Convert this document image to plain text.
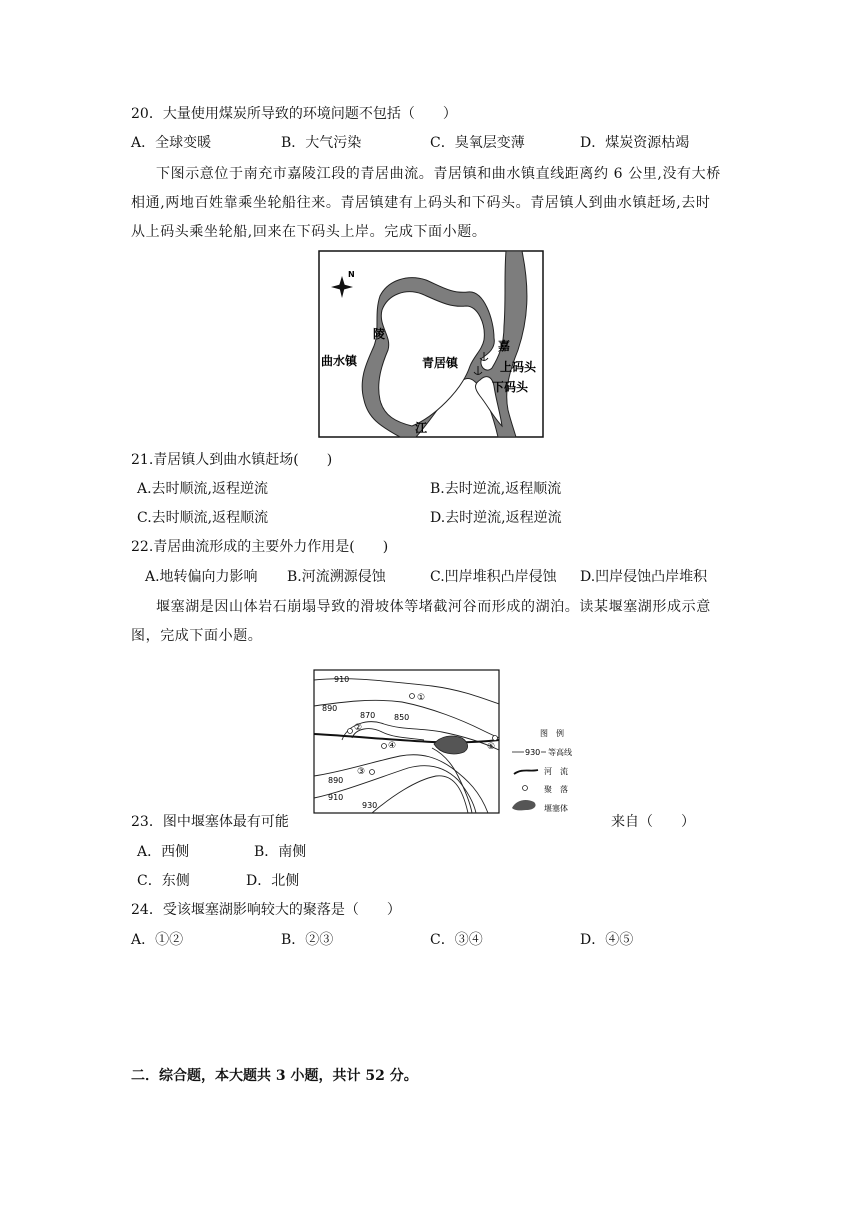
20．大量使用煤炭所导致的环境问题不包括（　　）
A．全球变暖	B．大气污染	C．臭氧层变薄	D．煤炭资源枯竭
下图示意位于南充市嘉陵江段的青居曲流。青居镇和曲水镇直线距离约 6 公里,没有大桥
相通,两地百姓靠乘坐轮船往来。青居镇建有上码头和下码头。青居镇人到曲水镇赶场,去时
从上码头乘坐轮船,回来在下码头上岸。完成下面小题。
N
陵
嘉
江
曲水镇	青居镇	上码头
下码头
21.青居镇人到曲水镇赶场(　　)
A.去时顺流,返程逆流	B.去时逆流,返程顺流
C.去时顺流,返程顺流	D.去时逆流,返程逆流
22.青居曲流形成的主要外力作用是(　　)
A.地转偏向力影响 B.河流溯源侵蚀	C.凹岸堆积凸岸侵蚀 D.凹岸侵蚀凸岸堆积
堰塞湖是因山体岩石崩塌导致的滑坡体等堵截河谷而形成的湖泊。读某堰塞湖形成示意
图，完成下面小题。
①
②
③
④	⑤
910
890
870 850
890
910
930
图　例
930 等高线
河　流
聚　落
堰塞体
23．图中堰塞体最有可能	来自（　　）
A．西侧	B．南侧
C．东侧	D．北侧
24．受该堰塞湖影响较大的聚落是（　　）
A．①②	B．②③	C．③④	D．④⑤
二．综合题，本大题共 3 小题，共计 52 分。
